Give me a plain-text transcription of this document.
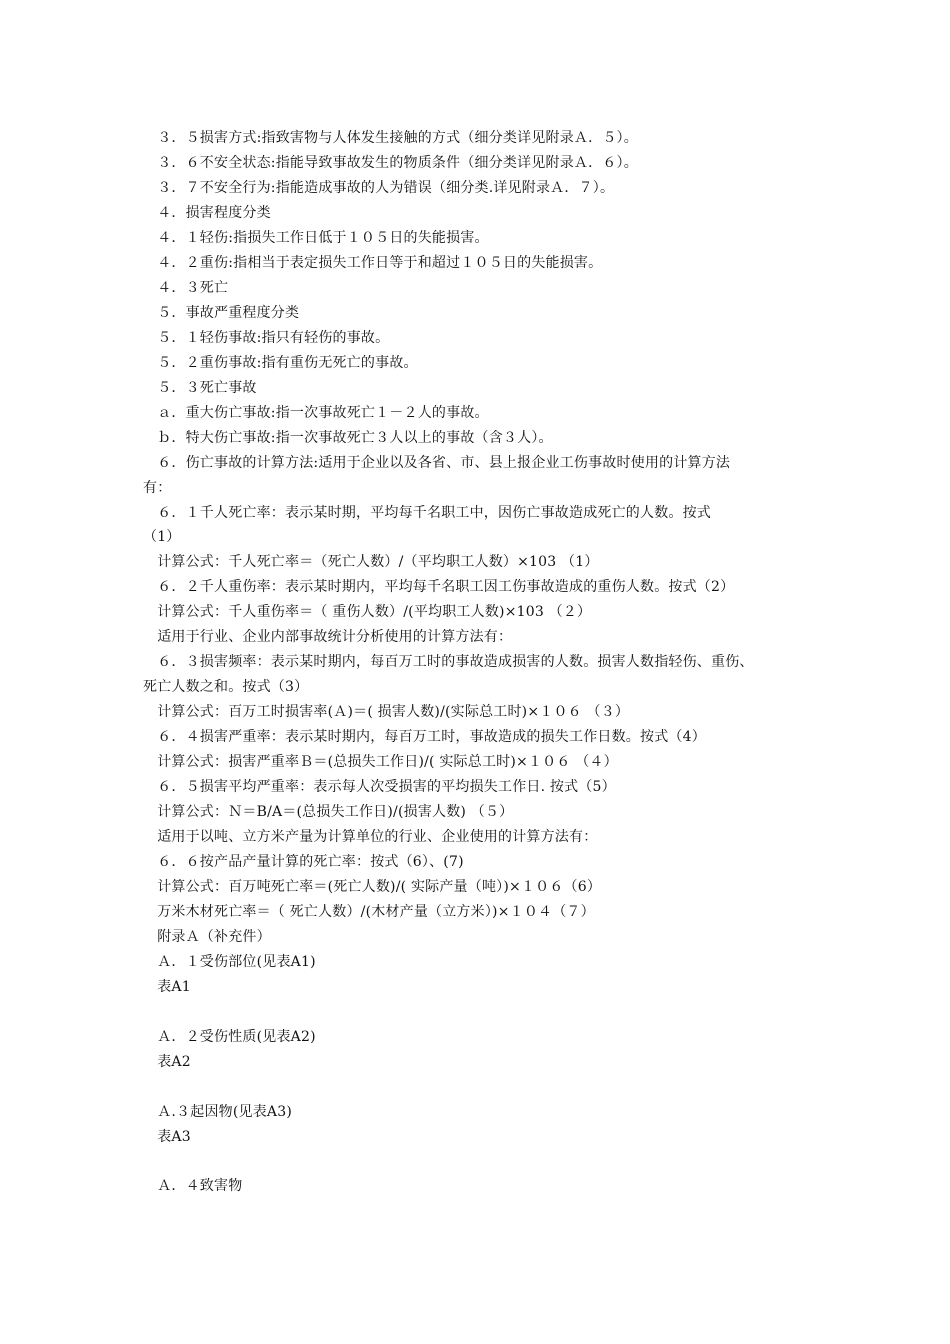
　３．５损害方式:指致害物与人体发生接触的方式（细分类详见附录Ａ．５）。
　３．６不安全状态:指能导致事故发生的物质条件（细分类详见附录Ａ．６）。
　３．７不安全行为:指能造成事故的人为错误（细分类.详见附录Ａ．７）。
　４．损害程度分类
　４．１轻伤:指损失工作日低于１０５日的失能损害。
　４．２重伤:指相当于表定损失工作日等于和超过１０５日的失能损害。
　４．３死亡
　５．事故严重程度分类
　５．１轻伤事故:指只有轻伤的事故。
　５．２重伤事故:指有重伤无死亡的事故。
　５．３死亡事故
　ａ．重大伤亡事故:指一次事故死亡１－２人的事故。
　ｂ．特大伤亡事故:指一次事故死亡３人以上的事故（含３人）。
　６．伤亡事故的计算方法:适用于企业以及各省、市、县上报企业工伤事故时使用的计算方法
有：
　６．１千人死亡率：表示某时期，平均每千名职工中，因伤亡事故造成死亡的人数。按式
（1）
　计算公式：千人死亡率＝（死亡人数）/（平均职工人数）×103 （1）
　６．２千人重伤率：表示某时期内，平均每千名职工因工伤事故造成的重伤人数。按式（2）
　计算公式：千人重伤率＝（ 重伤人数）/(平均职工人数)×103 （２）
　适用于行业、企业内部事故统计分析使用的计算方法有：
　６．３损害频率：表示某时期内，每百万工时的事故造成损害的人数。损害人数指轻伤、重伤、
死亡人数之和。按式（3）
　计算公式：百万工时损害率(Ａ)＝( 损害人数)/(实际总工时)×１０６ （３）
　６．４损害严重率：表示某时期内，每百万工时，事故造成的损失工作日数。按式（4）
　计算公式：损害严重率Ｂ＝(总损失工作日)/( 实际总工时)×１０６ （４）
　６．５损害平均严重率：表示每人次受损害的平均损失工作日. 按式（5）
　计算公式：Ｎ＝B/A＝(总损失工作日)/(损害人数) （５）
　适用于以吨、立方米产量为计算单位的行业、企业使用的计算方法有：
　６．６按产品产量计算的死亡率：按式（6）、(7)
　计算公式：百万吨死亡率＝(死亡人数)/( 实际产量（吨）)×１０６（6）
　万米木材死亡率＝（ 死亡人数）/(木材产量（立方米）)×１０４（７）
　附录Ａ（补充件）
　Ａ．１受伤部位(见表A1)
　表A1
　Ａ．２受伤性质(见表A2)
　表A2
　Ａ.３起因物(见表A3)
　表A3
　Ａ．４致害物
